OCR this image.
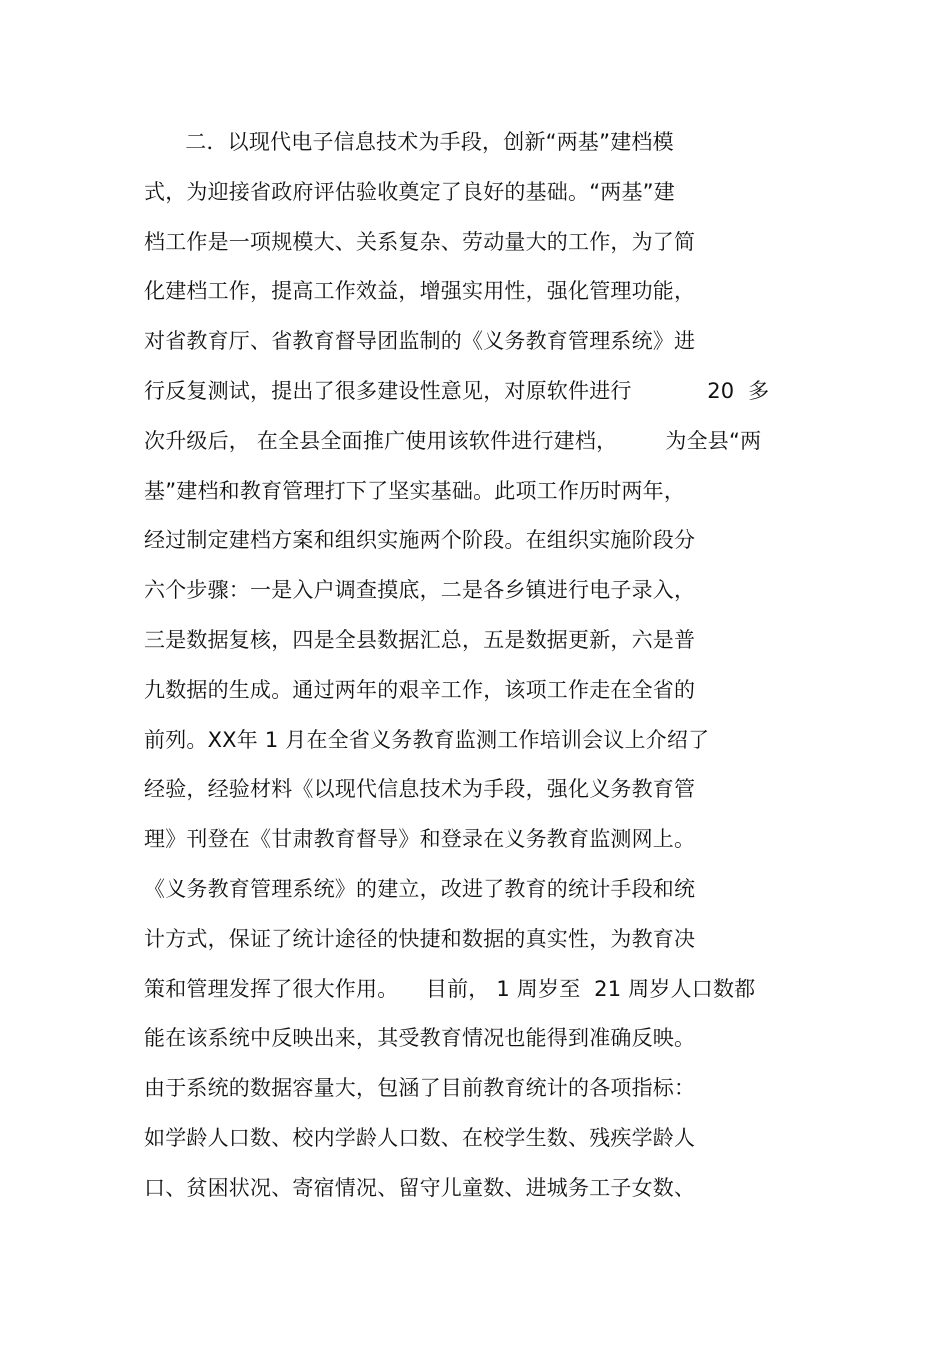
二．以现代电子信息技术为手段，创新“两基”建档模
式，为迎接省政府评估验收奠定了良好的基础。“两基”建
档工作是一项规模大、关系复杂、劳动量大的工作，为了简
化建档工作，提高工作效益，增强实用性，强化管理功能，
对省教育厅、省教育督导团监制的《义务教育管理系统》进
行反复测试，提出了很多建设性意见，对原软件进行           20  多
次升级后， 在全县全面推广使用该软件进行建档，       为全县“两
基”建档和教育管理打下了坚实基础。此项工作历时两年，
经过制定建档方案和组织实施两个阶段。在组织实施阶段分
六个步骤：一是入户调查摸底，二是各乡镇进行电子录入，
三是数据复核，四是全县数据汇总，五是数据更新，六是普
九数据的生成。通过两年的艰辛工作，该项工作走在全省的
前列。XX年 1 月在全省义务教育监测工作培训会议上介绍了
经验，经验材料《以现代信息技术为手段，强化义务教育管
理》刊登在《甘肃教育督导》和登录在义务教育监测网上。
《义务教育管理系统》的建立，改进了教育的统计手段和统
计方式，保证了统计途径的快捷和数据的真实性，为教育决
策和管理发挥了很大作用。    目前， 1 周岁至  21 周岁人口数都
能在该系统中反映出来，其受教育情况也能得到准确反映。
由于系统的数据容量大，包涵了目前教育统计的各项指标：
如学龄人口数、校内学龄人口数、在校学生数、残疾学龄人
口、贫困状况、寄宿情况、留守儿童数、进城务工子女数、
